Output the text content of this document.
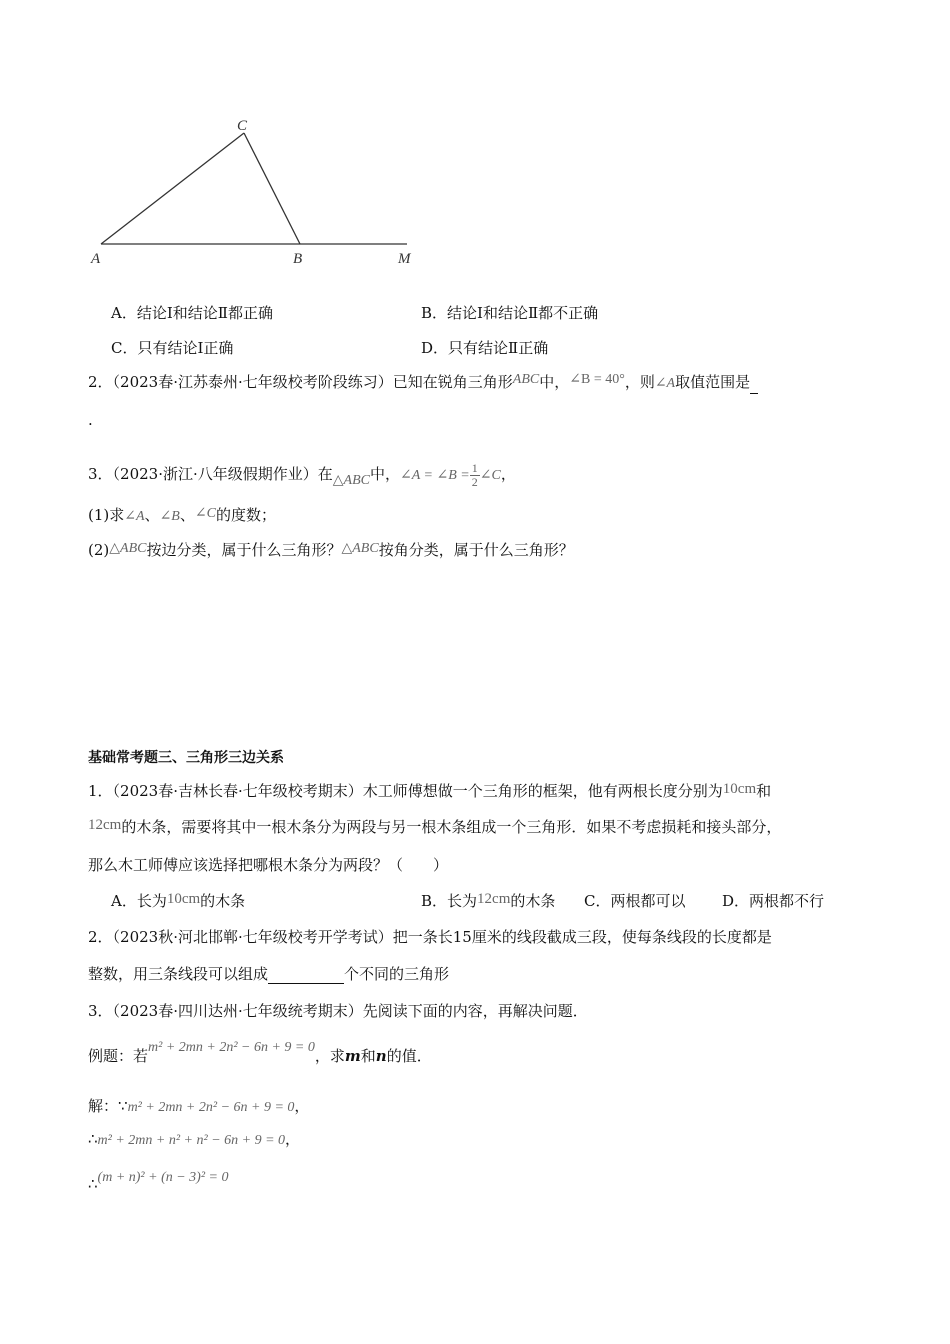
C
A	B	M
A．结论Ⅰ和结论Ⅱ都正确	B．结论Ⅰ和结论Ⅱ都不正确
C．只有结论Ⅰ正确	D．只有结论Ⅱ正确
2．（2023春·江苏泰州·七年级校考阶段练习）已知在锐角三角形ABC中，∠B = 40°，则∠A取值范围是
.
3．（2023·浙江·八年级假期作业）在△ABC中，∠A = ∠B = $\frac{1}{2}$ ∠C，
(1)求∠A、∠B、∠C的度数；
(2)△ABC按边分类，属于什么三角形？△ABC按角分类，属于什么三角形？
基础常考题三、三角形三边关系
1．（2023春·吉林长春·七年级校考期末）木工师傅想做一个三角形的框架，他有两根长度分别为10cm和
12cm的木条，需要将其中一根木条分为两段与另一根木条组成一个三角形．如果不考虑损耗和接头部分，
那么木工师傅应该选择把哪根木条分为两段？（　　）
A．长为10cm的木条	B．长为12cm的木条 C．两根都可以 D．两根都不行
2．（2023秋·河北邯郸·七年级校考开学考试）把一条长15厘米的线段截成三段，使每条线段的长度都是
整数，用三条线段可以组成	个不同的三角形
3．（2023春·四川达州·七年级统考期末）先阅读下面的内容，再解决问题．
例题：若m² + 2mn + 2n² − 6n + 9 = 0，求m和n的值．
解：∵m² + 2mn + 2n² − 6n + 9 = 0，
∴m² + 2mn + n² + n² − 6n + 9 = 0，
∴(m + n)² + (n − 3)² = 0
